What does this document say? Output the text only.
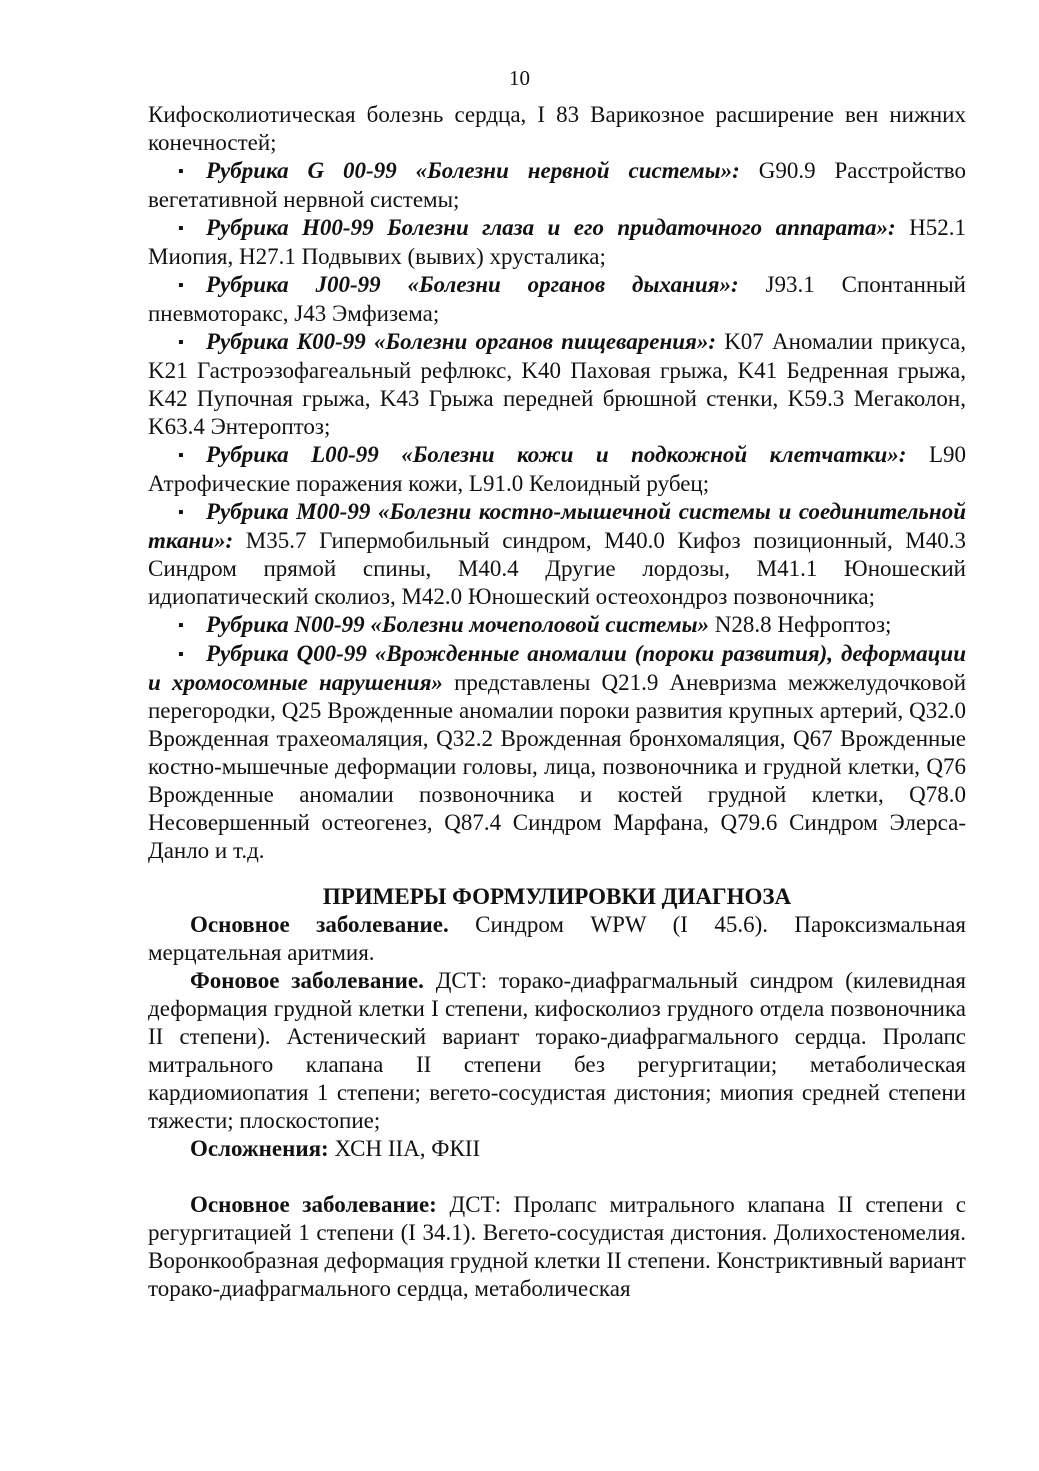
10

Кифосколиотическая болезнь сердца, I 83 Варикозное расширение вен нижних конечностей;

▪ Рубрика G 00-99 «Болезни нервной системы»: G90.9 Расстройство вегетативной нервной системы;

▪ Рубрика H00-99 Болезни глаза и его придаточного аппарата»: H52.1 Миопия, H27.1 Подвывих (вывих) хрусталика;

▪ Рубрика J00-99 «Болезни органов дыхания»: J93.1 Спонтанный пневмоторакс, J43 Эмфизема;

▪ Рубрика K00-99 «Болезни органов пищеварения»: K07 Аномалии прикуса, K21 Гастроэзофагеальный рефлюкс, K40 Паховая грыжа, K41 Бедренная грыжа, K42 Пупочная грыжа, K43 Грыжа передней брюшной стенки, K59.3 Мегаколон, K63.4 Энтероптоз;

▪ Рубрика L00-99 «Болезни кожи и подкожной клетчатки»: L90 Атрофические поражения кожи, L91.0 Келоидный рубец;

▪ Рубрика M00-99 «Болезни костно-мышечной системы и соединительной ткани»: M35.7 Гипермобильный синдром, M40.0 Кифоз позиционный, M40.3 Синдром прямой спины, M40.4 Другие лордозы, M41.1 Юношеский идиопатический сколиоз, M42.0 Юношеский остеохондроз позвоночника;

▪ Рубрика N00-99 «Болезни мочеполовой системы» N28.8 Нефроптоз;

▪ Рубрика Q00-99 «Врожденные аномалии (пороки развития), деформации и хромосомные нарушения» представлены Q21.9 Аневризма межжелудочковой перегородки, Q25 Врожденные аномалии пороки развития крупных артерий, Q32.0 Врожденная трахеомаляция, Q32.2 Врожденная бронхомаляция, Q67 Врожденные костно-мышечные деформации головы, лица, позвоночника и грудной клетки, Q76 Врожденные аномалии позвоночника и костей грудной клетки, Q78.0 Несовершенный остеогенез, Q87.4 Синдром Марфана, Q79.6 Синдром Элерса-Данло и т.д.

ПРИМЕРЫ ФОРМУЛИРОВКИ ДИАГНОЗА

Основное заболевание. Синдром WPW (I 45.6). Пароксизмальная мерцательная аритмия.

Фоновое заболевание. ДСТ: торако-диафрагмальный синдром (килевидная деформация грудной клетки I степени, кифосколиоз грудного отдела позвоночника II степени). Астенический вариант торако-диафрагмального сердца. Пролапс митрального клапана II степени без регургитации; метаболическая кардиомиопатия 1 степени; вегето-сосудистая дистония; миопия средней степени тяжести; плоскостопие;

Осложнения: ХСН IIА, ФКII

Основное заболевание: ДСТ: Пролапс митрального клапана II степени с регургитацией 1 степени (I 34.1). Вегето-сосудистая дистония. Долихостеномелия. Воронкообразная деформация грудной клетки II степени. Констриктивный вариант торако-диафрагмального сердца, метаболическая
